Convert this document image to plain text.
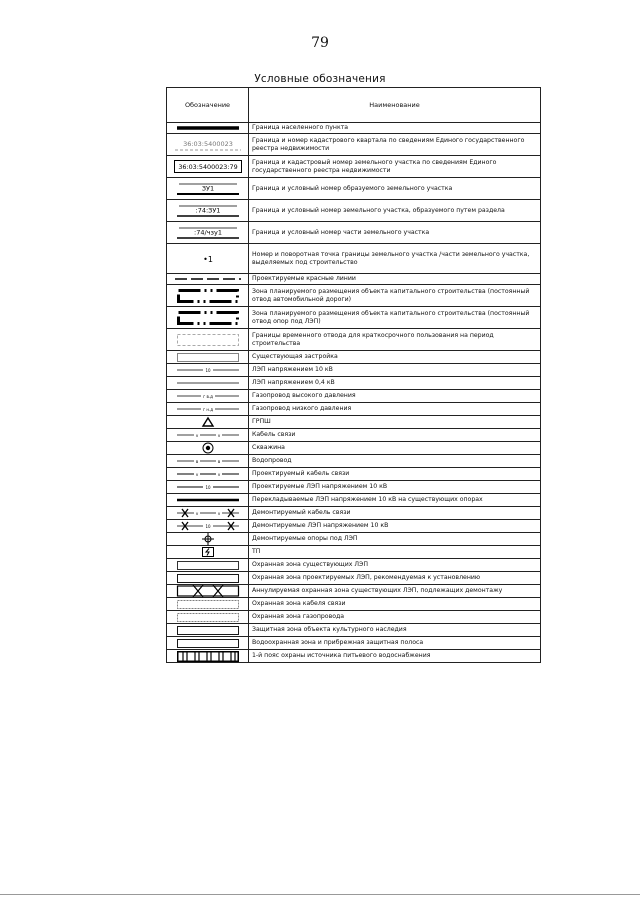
79
Условные обозначения
Обозначение	Наименование

	Граница населенного пункта

36:03:5400023	Граница и номер кадастрового квартала по сведениям Единого государственного реестра недвижимости

36:03:5400023:79	Граница и кадастровый номер земельного участка по сведениям Единого государственного реестра недвижимости

ЗУ1	Граница и условный номер образуемого земельного участка

:74:ЗУ1	Граница и условный номер земельного участка, образуемого путем раздела

:74/чзу1	Граница и условный номер части земельного участка

•1	Номер и поворотная точка границы земельного участка /части земельного участка, выделяемых под строительство

	Проектируемые красные линии

	Зона планируемого размещения объекта капитального строительства (постоянный отвод автомобильной дороги)

	Зона планируемого размещения объекта капитального строительства (постоянный отвод опор под ЛЭП)

	Границы временного отвода для краткосрочного пользования на период строительства

	Существующая застройка

10	ЛЭП напряжением 10 кВ

	ЛЭП напряжением 0,4 кВ

г в.д	Газопровод высокого давления

г н.д	Газопровод низкого давления

	ГРПШ

v v	Кабель связи

	Скважина

в в	Водопровод

v v	Проектируемый кабель связи

10	Проектируемые ЛЭП напряжением 10 кВ

	Перекладываемые ЛЭП напряжением 10 кВ на существующих опорах

v v	Демонтируемый кабель связи

10	Демонтируемые ЛЭП напряжением 10 кВ

	Демонтируемые опоры под ЛЭП

	ТП

	Охранная зона существующих ЛЭП

	Охранная зона проектируемых ЛЭП, рекомендуемая к установлению

	Аннулируемая охранная зона существующих ЛЭП, подлежащих демонтажу

	Охранная зона кабеля связи

	Охранная зона газопровода

	Защитная зона объекта культурного наследия

	Водоохранная зона и прибрежная защитная полоса

	1-й пояс охраны источника питьевого водоснабжения
